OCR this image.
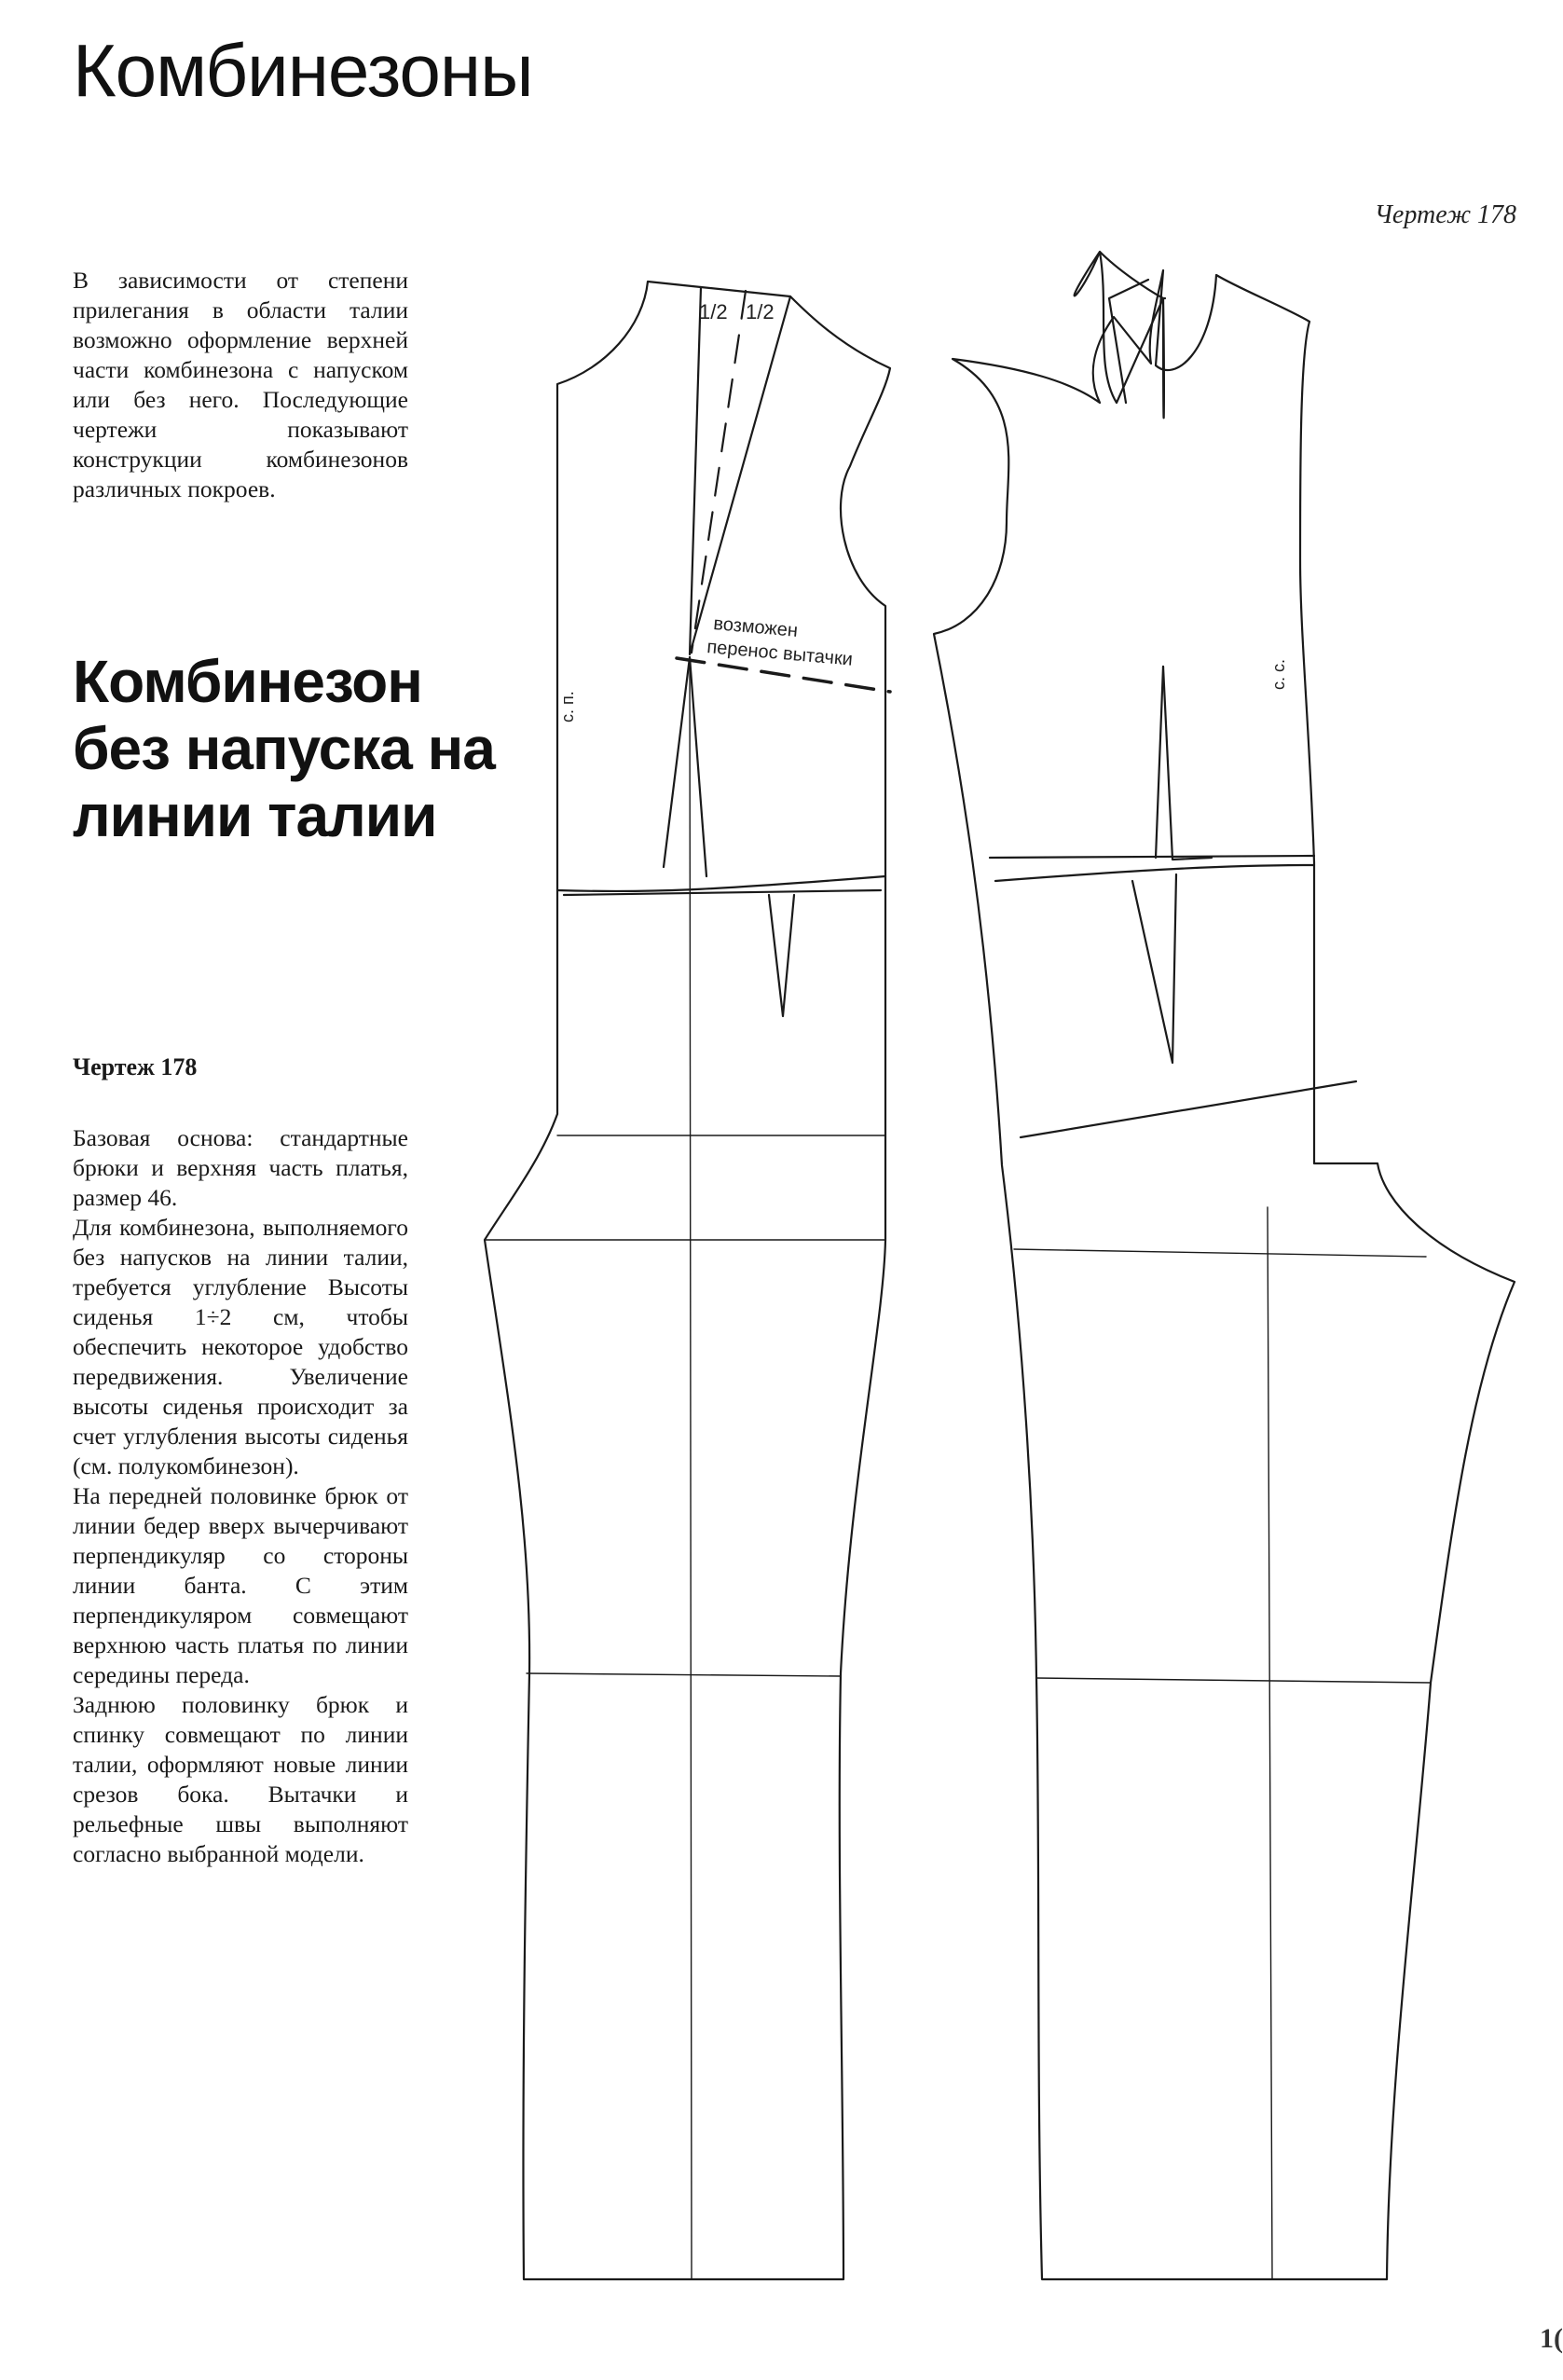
Комбинезоны
Чертеж 178

В зависимости от степени прилегания в области талии возможно оформление верхней части комбинезона с напуском или без него. Последующие чертежи показывают конструкции комбинезонов различных покроев.

Комбинезон без напуска на линии талии
Чертеж 178

Базовая основа: стандартные брюки и верхняя часть платья, размер 46.

Для комбинезона, выполняемого без напусков на линии талии, требуется углубление Высоты сиденья 1÷2 см, чтобы обеспечить некоторое удобство передвижения. Увеличение высоты сиденья происходит за счет углубления высоты сиденья (см. полукомбинезон).

На передней половинке брюк от линии бедер вверх вычерчивают перпендикуляр со стороны линии банта. С этим перпендикуляром совмещают верхнюю часть платья по линии середины переда.

Заднюю половинку брюк и спинку совмещают по линии талии, оформляют новые линии срезов бока. Вытачки и рельефные швы выполняют согласно выбранной модели.

1/2 1/2
возможен
перенос вытачки
с. п.
с. с.
1(
